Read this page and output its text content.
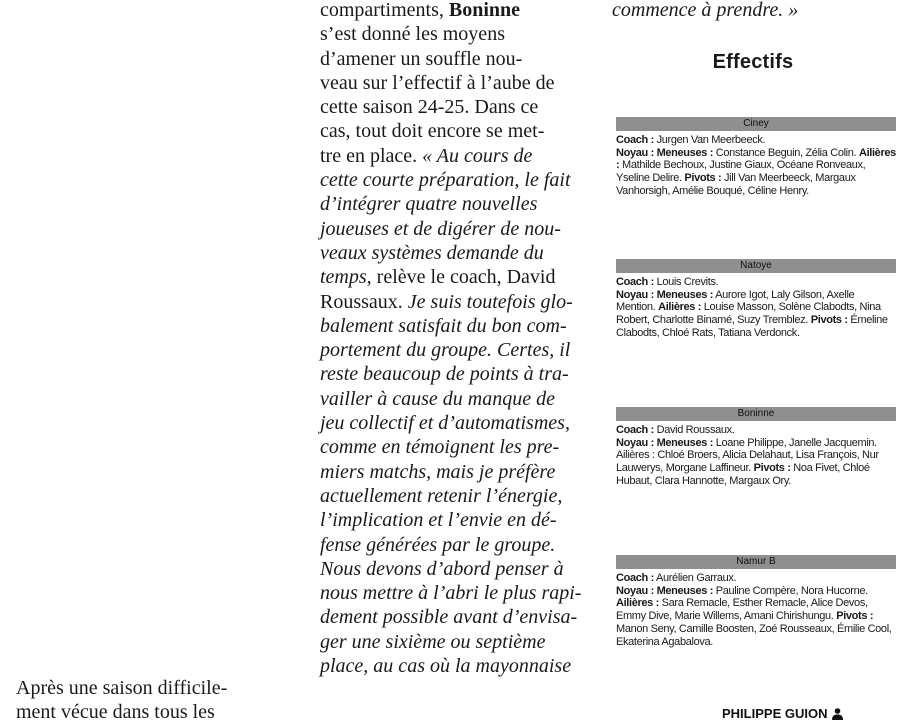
Après une saison difficile-
ment vécue dans tous les

compartiments, Boninne
s’est donné les moyens
d’amener un souffle nou-
veau sur l’effectif à l’aube de
cette saison 24-25. Dans ce
cas, tout doit encore se met-
tre en place. « Au cours de
cette courte préparation, le fait
d’intégrer quatre nouvelles
joueuses et de digérer de nou-
veaux systèmes demande du
temps, relève le coach, David
Roussaux. Je suis toutefois glo-
balement satisfait du bon com-
portement du groupe. Certes, il
reste beaucoup de points à tra-
vailler à cause du manque de
jeu collectif et d’automatismes,
comme en témoignent les pre-
miers matchs, mais je préfère
actuellement retenir l’énergie,
l’implication et l’envie en dé-
fense générées par le groupe.
Nous devons d’abord penser à
nous mettre à l’abri le plus rapi-
dement possible avant d’envisa-
ger une sixième ou septième
place, au cas où la mayonnaise

commence à prendre. »

Effectifs
Ciney
Coach : Jurgen Van Meerbeeck.
Noyau : Meneuses : Constance Beguin, Zélia Colin. Ailières : Mathilde Bechoux, Justine Giaux, Océane Ronveaux, Yseline Delire. Pivots : Jill Van Meerbeeck, Margaux Vanhorsigh, Amélie Bouqué, Céline Henry.
Natoye
Coach : Louis Crevits.
Noyau : Meneuses : Aurore Igot, Laly Gilson, Axelle Mention. Ailières : Louise Masson, Solène Clabodts, Nina Robert, Charlotte Binamé, Suzy Tremblez. Pivots : Émeline Clabodts, Chloé Rats, Tatiana Verdonck.
Boninne
Coach : David Roussaux.
Noyau : Meneuses : Loane Philippe, Janelle Jacquemin. Ailières : Chloé Broers, Alicia Delahaut, Lisa François, Nur Lauwerys, Morgane Laffineur. Pivots : Noa Fivet, Chloé Hubaut, Clara Hannotte, Margaux Ory.
Namur B
Coach : Aurélien Garraux.
Noyau : Meneuses : Pauline Compère, Nora Hucorne. Ailières : Sara Remacle, Esther Remacle, Alice Devos, Emmy Dive, Marie Willems, Amani Chirishungu. Pivots : Manon Seny, Camille Boosten, Zoé Rousseaux, Émilie Cool, Ekaterina Agabalova.
PHILIPPE GUION
